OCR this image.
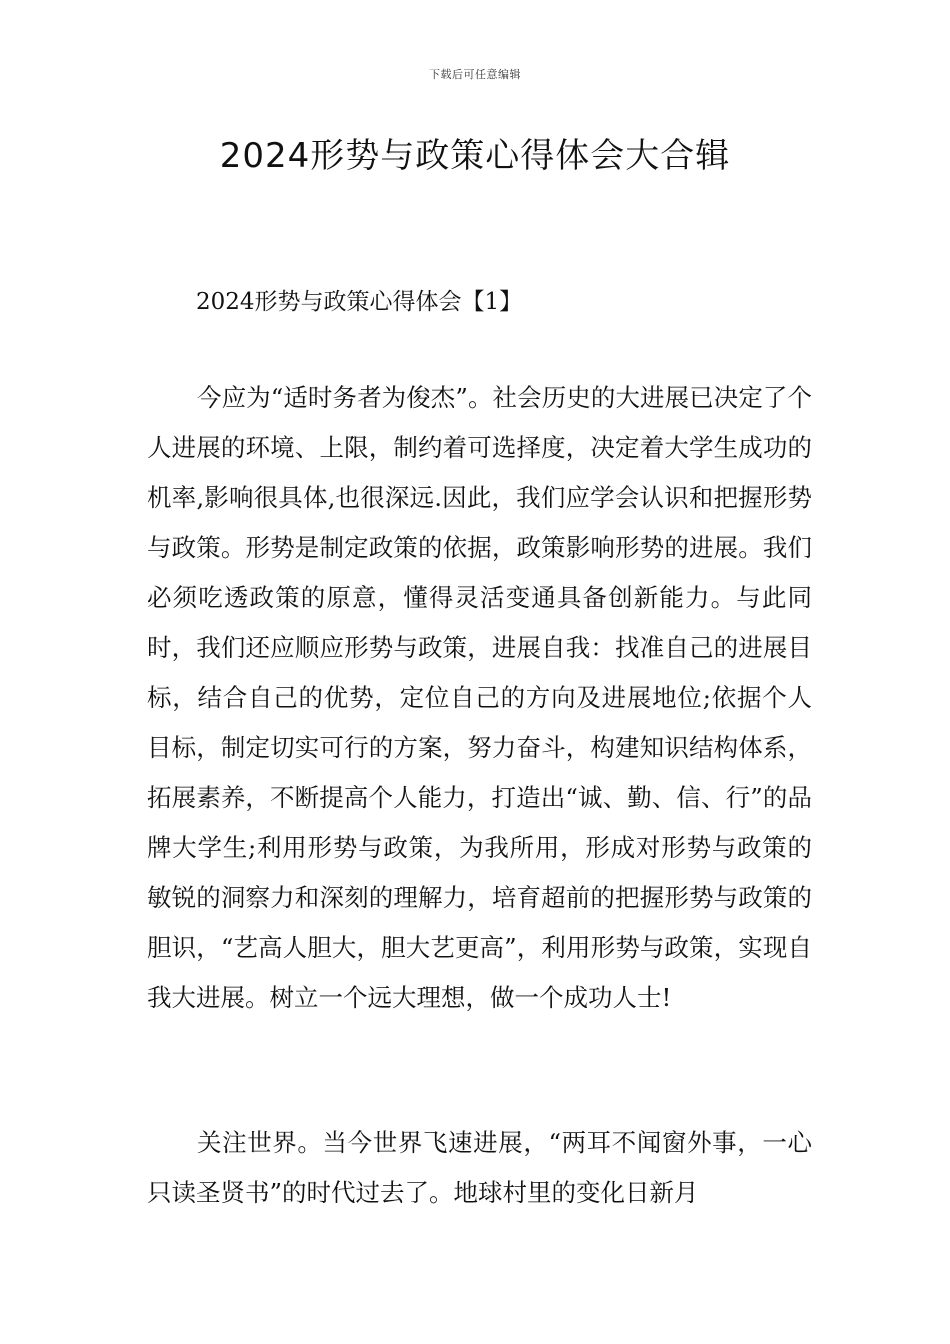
下载后可任意编辑
2024形势与政策心得体会大合辑
2024形势与政策心得体会【1】

今应为“适时务者为俊杰”。社会历史的大进展已决定了个人进展的环境、上限，制约着可选择度，决定着大学生成功的机率,影响很具体,也很深远.因此，我们应学会认识和把握形势与政策。形势是制定政策的依据，政策影响形势的进展。我们必须吃透政策的原意，懂得灵活变通具备创新能力。与此同时，我们还应顺应形势与政策，进展自我：找准自己的进展目标，结合自己的优势，定位自己的方向及进展地位;依据个人目标，制定切实可行的方案，努力奋斗，构建知识结构体系，拓展素养，不断提高个人能力，打造出“诚、勤、信、行”的品牌大学生;利用形势与政策，为我所用，形成对形势与政策的敏锐的洞察力和深刻的理解力，培育超前的把握形势与政策的胆识，“艺高人胆大，胆大艺更高”，利用形势与政策，实现自我大进展。树立一个远大理想，做一个成功人士!

关注世界。当今世界飞速进展，“两耳不闻窗外事，一心只读圣贤书”的时代过去了。地球村里的变化日新月
